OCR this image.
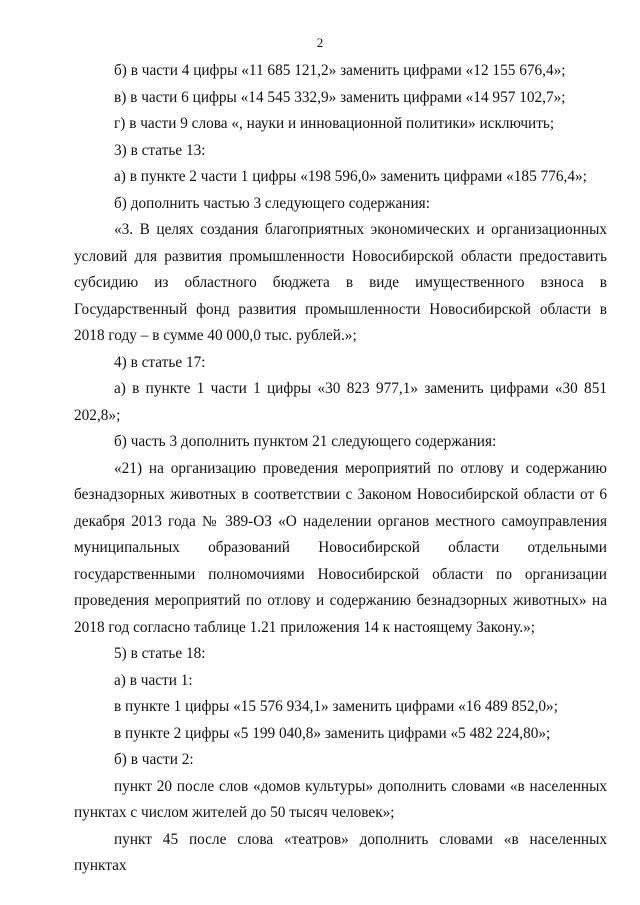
2

б) в части 4 цифры «11 685 121,2» заменить цифрами «12 155 676,4»;

в) в части 6 цифры «14 545 332,9» заменить цифрами «14 957 102,7»;

г) в части 9 слова «, науки и инновационной политики» исключить;

3) в статье 13:

а) в пункте 2 части 1 цифры «198 596,0» заменить цифрами «185 776,4»;

б) дополнить частью 3 следующего содержания:

«3. В целях создания благоприятных экономических и организационных условий для развития промышленности Новосибирской области предоставить субсидию из областного бюджета в виде имущественного взноса в Государственный фонд развития промышленности Новосибирской области в 2018 году – в сумме 40 000,0 тыс. рублей.»;

4) в статье 17:

а) в пункте 1 части 1 цифры «30 823 977,1» заменить цифрами «30 851 202,8»;

б) часть 3 дополнить пунктом 21 следующего содержания:

«21) на организацию проведения мероприятий по отлову и содержанию безнадзорных животных в соответствии с Законом Новосибирской области от 6 декабря 2013 года № 389-ОЗ «О наделении органов местного самоуправления муниципальных образований Новосибирской области отдельными государственными полномочиями Новосибирской области по организации проведения мероприятий по отлову и содержанию безнадзорных животных» на 2018 год согласно таблице 1.21 приложения 14 к настоящему Закону.»;

5) в статье 18:

а) в части 1:

в пункте 1 цифры «15 576 934,1» заменить цифрами «16 489 852,0»;

в пункте 2 цифры «5 199 040,8» заменить цифрами «5 482 224,80»;

б) в части 2:

пункт 20 после слов «домов культуры» дополнить словами «в населенных пунктах с числом жителей до 50 тысяч человек»;

пункт 45 после слова «театров» дополнить словами «в населенных пунктах
